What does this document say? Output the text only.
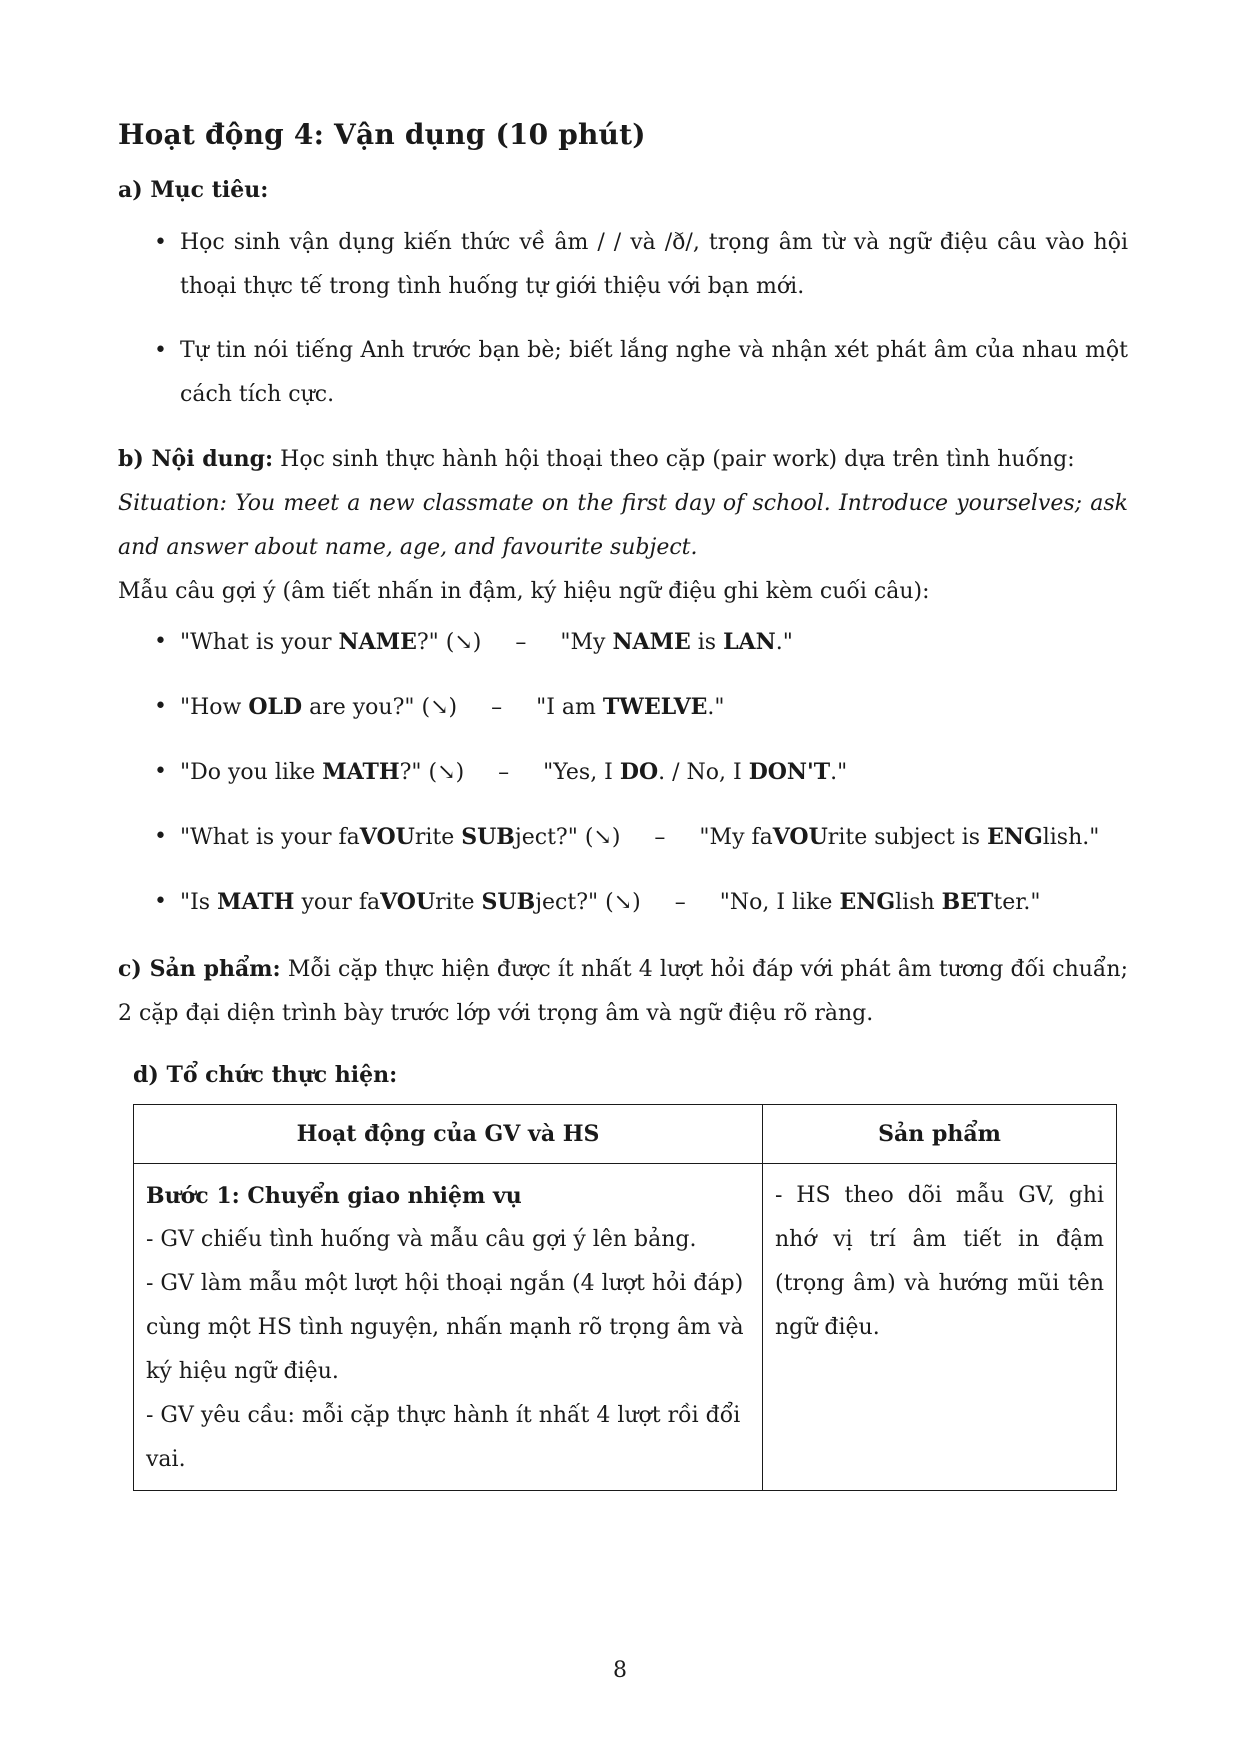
Hoạt động 4: Vận dụng (10 phút)
a) Mục tiêu:
• Học sinh vận dụng kiến thức về âm / / và /ð/, trọng âm từ và ngữ điệu câu vào hội thoại thực tế trong tình huống tự giới thiệu với bạn mới.
• Tự tin nói tiếng Anh trước bạn bè; biết lắng nghe và nhận xét phát âm của nhau một cách tích cực.

b) Nội dung: Học sinh thực hành hội thoại theo cặp (pair work) dựa trên tình huống:

Situation: You meet a new classmate on the first day of school. Introduce yourselves; ask and answer about name, age, and favourite subject.

Mẫu câu gợi ý (âm tiết nhấn in đậm, ký hiệu ngữ điệu ghi kèm cuối câu):

• "What is your NAME?" (↘) – "My NAME is LAN."
• "How OLD are you?" (↘) – "I am TWELVE."
• "Do you like MATH?" (↘) – "Yes, I DO. / No, I DON'T."
• "What is your faVOUrite SUBject?" (↘) – "My faVOUrite subject is ENGlish."
• "Is MATH your faVOUrite SUBject?" (↘) – "No, I like ENGlish BETter."

c) Sản phẩm: Mỗi cặp thực hiện được ít nhất 4 lượt hỏi đáp với phát âm tương đối chuẩn; 2 cặp đại diện trình bày trước lớp với trọng âm và ngữ điệu rõ ràng.

d) Tổ chức thực hiện:
Hoạt động của GV và HS	Sản phẩm

Bước 1: Chuyển giao nhiệm vụ
- GV chiếu tình huống và mẫu câu gợi ý lên bảng.
- GV làm mẫu một lượt hội thoại ngắn (4 lượt hỏi đáp) cùng một HS tình nguyện, nhấn mạnh rõ trọng âm và ký hiệu ngữ điệu.
- GV yêu cầu: mỗi cặp thực hành ít nhất 4 lượt rồi đổi vai.	- HS theo dõi mẫu GV, ghi nhớ vị trí âm tiết in đậm (trọng âm) và hướng mũi tên ngữ điệu.
8
